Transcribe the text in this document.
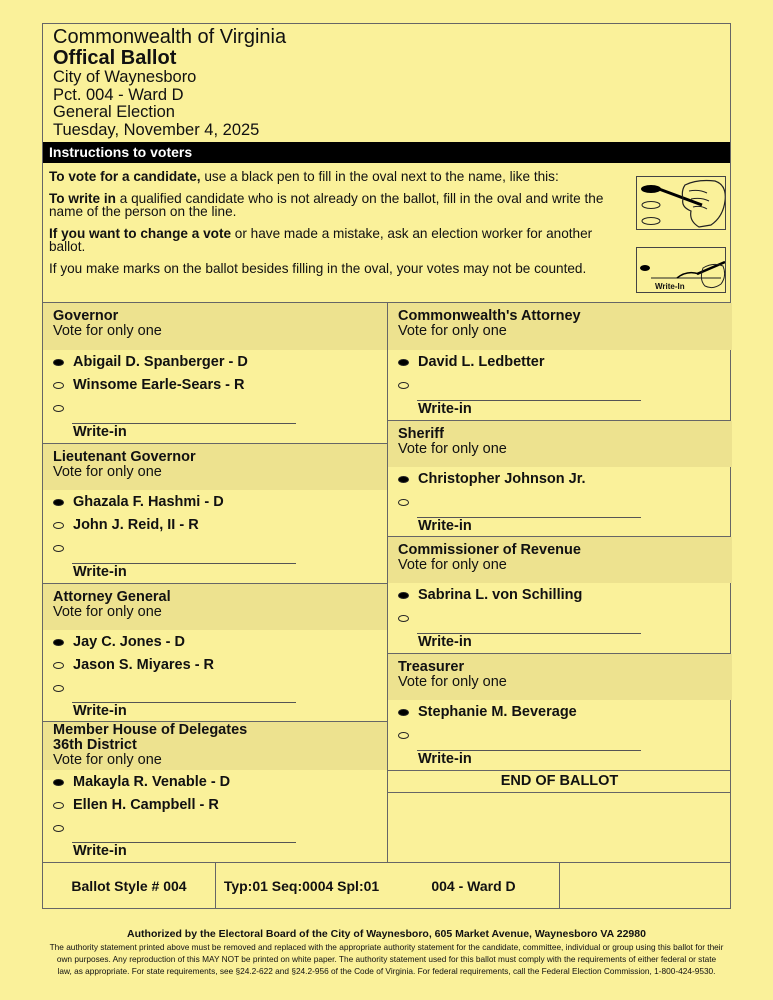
Commonwealth of Virginia
Offical Ballot
City of Waynesboro
Pct. 004 - Ward D
General Election
Tuesday, November 4, 2025
Instructions to voters

To vote for a candidate, use a black pen to fill in the oval next to the name, like this:

To write in a qualified candidate who is not already on the ballot, fill in the oval and write the name of the person on the line.

If you want to change a vote or have made a mistake, ask an election worker for another ballot.

If you make marks on the ballot besides filling in the oval, your votes may not be counted.

Write-In
Governor
Vote for only one
Abigail D. Spanberger - D
Winsome Earle-Sears - R
Write-in
Lieutenant Governor
Vote for only one
Ghazala F. Hashmi - D
John J. Reid, II - R
Write-in
Attorney General
Vote for only one
Jay C. Jones - D
Jason S. Miyares - R
Write-in
Member House of Delegates
36th District
Vote for only one
Makayla R. Venable - D
Ellen H. Campbell - R
Write-in
Commonwealth's Attorney
Vote for only one
David L. Ledbetter
Write-in
Sheriff
Vote for only one
Christopher Johnson Jr.
Write-in
Commissioner of Revenue
Vote for only one
Sabrina L. von Schilling
Write-in
Treasurer
Vote for only one
Stephanie M. Beverage
Write-in
END OF BALLOT
Ballot Style # 004	Typ:01 Seq:0004 Spl:01	004 - Ward D
Authorized by the Electoral Board of the City of Waynesboro, 605 Market Avenue, Waynesboro VA 22980
The authority statement printed above must be removed and replaced with the appropriate authority statement for the candidate, committee, individual or group using this ballot for their
own purposes. Any reproduction of this MAY NOT be printed on white paper. The authority statement used for this ballot must comply with the requirements of either federal or state
law, as appropriate. For state requirements, see §24.2-622 and §24.2-956 of the Code of Virginia. For federal requirements, call the Federal Election Commission, 1-800-424-9530.
